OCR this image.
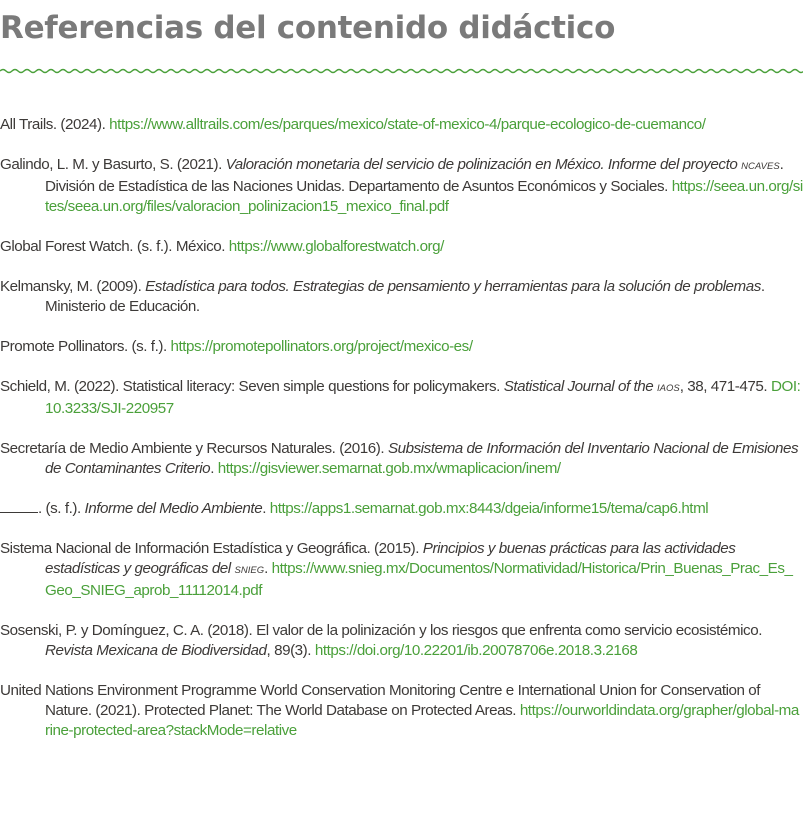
Referencias del contenido didáctico

All Trails. (2024). https://www.alltrails.com/es/parques/mexico/state-of-mexico-4/parque-ecologico-de-cuemanco/

Galindo, L. M. y Basurto, S. (2021). Valoración monetaria del servicio de polinización en México. Informe del proyecto NCAVES. División de Estadística de las Naciones Unidas. Departamento de Asuntos Económicos y Sociales. https://seea.un.org/sites/seea.un.org/files/valoracion_polinizacion15_mexico_final.pdf

Global Forest Watch. (s. f.). México. https://www.globalforestwatch.org/

Kelmansky, M. (2009). Estadística para todos. Estrategias de pensamiento y herramientas para la solución de problemas. Ministerio de Educación.

Promote Pollinators. (s. f.). https://promotepollinators.org/project/mexico-es/

Schield, M. (2022). Statistical literacy: Seven simple questions for policymakers. Statistical Journal of the IAOS, 38, 471-475. DOI: 10.3233/SJI-220957

Secretaría de Medio Ambiente y Recursos Naturales. (2016). Subsistema de Información del Inventario Nacional de Emisiones de Contaminantes Criterio. https://gisviewer.semarnat.gob.mx/wmaplicacion/inem/

. (s. f.). Informe del Medio Ambiente. https://apps1.semarnat.gob.mx:8443/dgeia/informe15/tema/cap6.html

Sistema Nacional de Información Estadística y Geográfica. (2015). Principios y buenas prácticas para las actividades estadísticas y geográficas del SNIEG. https://www.snieg.mx/Documentos/Normatividad/Historica/Prin_Buenas_Prac_Es_Geo_SNIEG_aprob_11112014.pdf

Sosenski, P. y Domínguez, C. A. (2018). El valor de la polinización y los riesgos que enfrenta como servicio ecosistémico. Revista Mexicana de Biodiversidad, 89(3). https://doi.org/10.22201/ib.20078706e.2018.3.2168

United Nations Environment Programme World Conservation Monitoring Centre e International Union for Conservation of Nature. (2021). Protected Planet: The World Database on Protected Areas. https://ourworldindata.org/grapher/global-marine-protected-area?stackMode=relative
